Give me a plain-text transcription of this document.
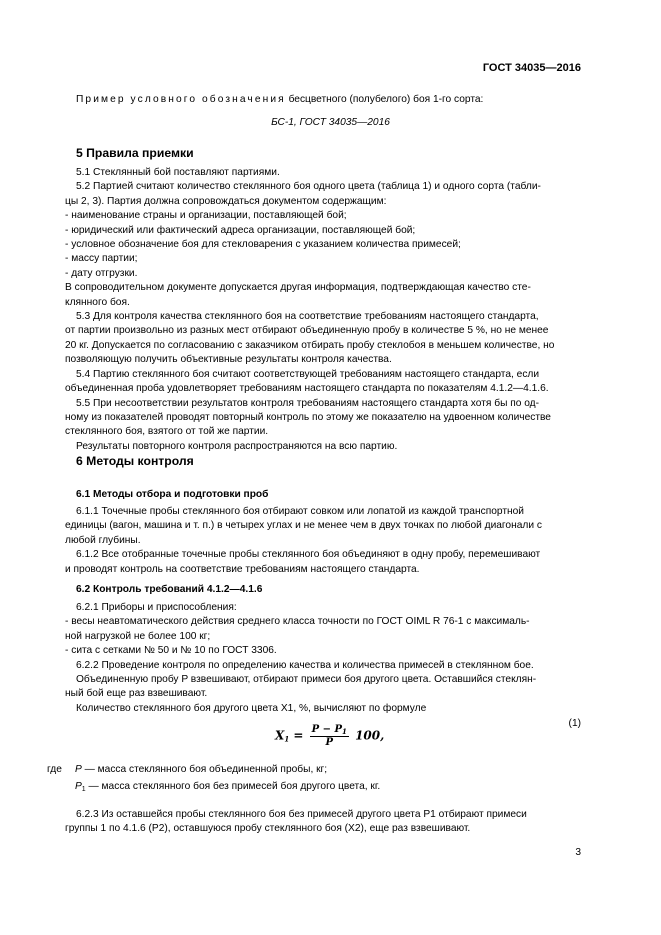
ГОСТ 34035—2016
Пример условного обозначения бесцветного (полубелого) боя 1-го сорта:
БС-1, ГОСТ 34035—2016
5 Правила приемки
5.1 Стеклянный бой поставляют партиями.
5.2 Партией считают количество стеклянного боя одного цвета (таблица 1) и одного сорта (табли-
цы 2, 3). Партия должна сопровождаться документом содержащим:
- наименование страны и организации, поставляющей бой;
- юридический или фактический адреса организации, поставляющей бой;
- условное обозначение боя для стекловарения с указанием количества примесей;
- массу партии;
- дату отгрузки.
В сопроводительном документе допускается другая информация, подтверждающая качество сте-
клянного боя.
5.3 Для контроля качества стеклянного боя на соответствие требованиям настоящего стандарта,
от партии произвольно из разных мест отбирают объединенную пробу в количестве 5 %, но не менее
20 кг. Допускается по согласованию с заказчиком отбирать пробу стеклобоя в меньшем количестве, но
позволяющую получить объективные результаты контроля качества.
5.4 Партию стеклянного боя считают соответствующей требованиям настоящего стандарта, если
объединенная проба удовлетворяет требованиям настоящего стандарта по показателям 4.1.2—4.1.6.
5.5 При несоответствии результатов контроля требованиям настоящего стандарта хотя бы по од-
ному из показателей проводят повторный контроль по этому же показателю на удвоенном количестве
стеклянного боя, взятого от той же партии.
Результаты повторного контроля распространяются на всю партию.
6 Методы контроля
6.1 Методы отбора и подготовки проб
6.1.1 Точечные пробы стеклянного боя отбирают совком или лопатой из каждой транспортной
единицы (вагон, машина и т. п.) в четырех углах и не менее чем в двух точках по любой диагонали с
любой глубины.
6.1.2 Все отобранные точечные пробы стеклянного боя объединяют в одну пробу, перемешивают
и проводят контроль на соответствие требованиям настоящего стандарта.
6.2 Контроль требований 4.1.2—4.1.6
6.2.1 Приборы и приспособления:
- весы неавтоматического действия среднего класса точности по ГОСТ OIML R 76-1 с максималь-
ной нагрузкой не более 100 кг;
- сита с сетками № 50 и № 10 по ГОСТ 3306.
6.2.2 Проведение контроля по определению качества и количества примесей в стеклянном бое.
Объединенную пробу P взвешивают, отбирают примеси боя другого цвета. Оставшийся стеклян-
ный бой еще раз взвешивают.
Количество стеклянного боя другого цвета X1, %, вычисляют по формуле
$X_1 = \frac{P - P_1}{P} 100$,
(1)
где P — масса стеклянного боя объединенной пробы, кг;
$P_1$ — масса стеклянного боя без примесей боя другого цвета, кг.
6.2.3 Из оставшейся пробы стеклянного боя без примесей другого цвета P1 отбирают примеси
группы 1 по 4.1.6 (P2), оставшуюся пробу стеклянного боя (X2), еще раз взвешивают.
3
